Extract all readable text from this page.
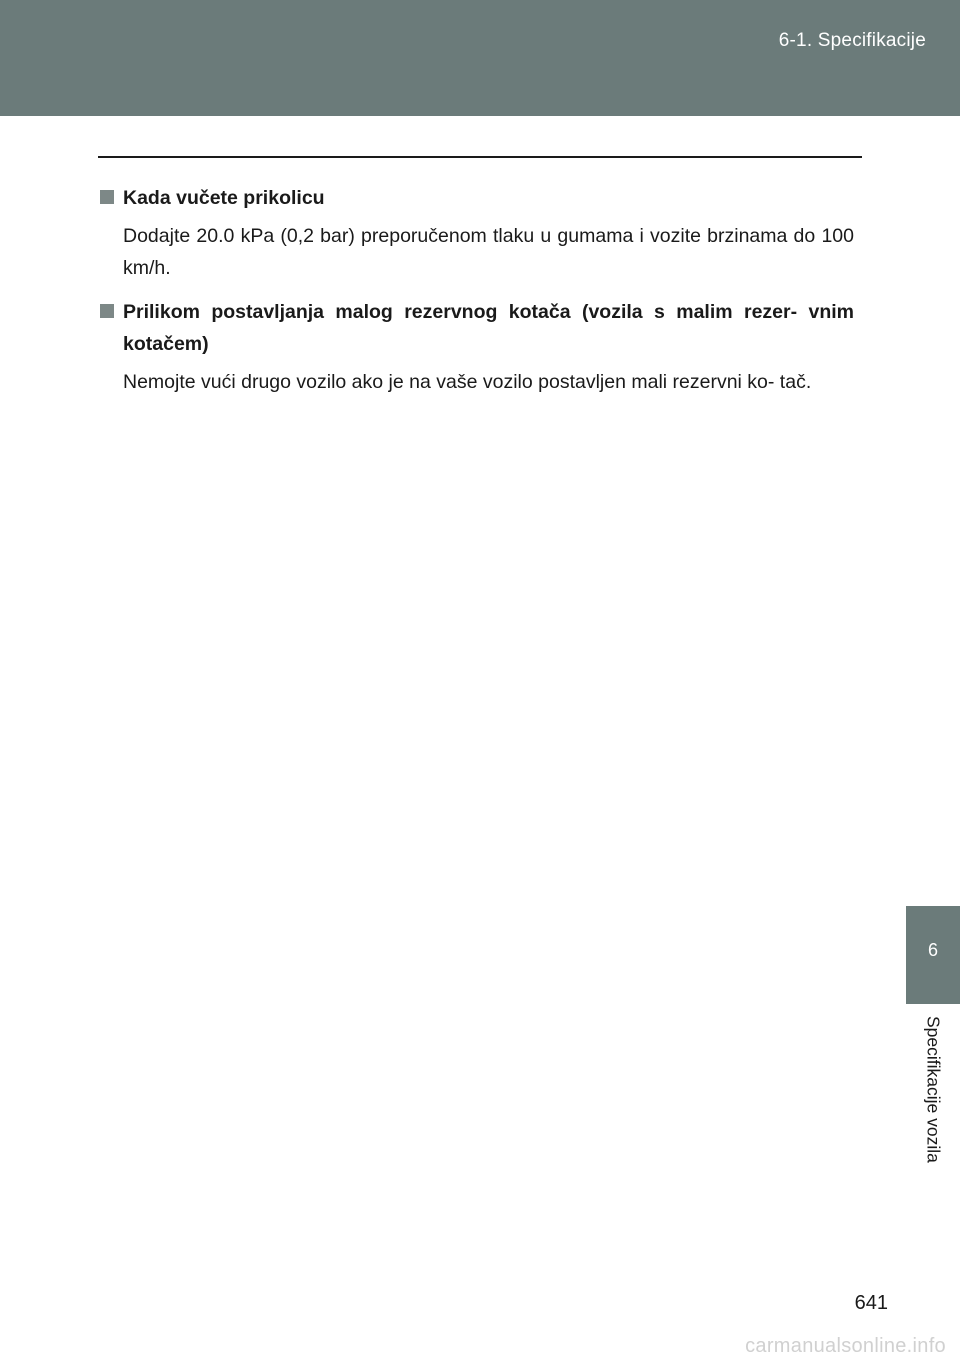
6-1. Specifikacije

Kada vučete prikolicu

Dodajte 20.0 kPa (0,2 bar) preporučenom tlaku u gumama i vozite brzinama do 100 km/h.

Prilikom postavljanja malog rezervnog kotača (vozila s malim rezer- vnim kotačem)

Nemojte vući drugo vozilo ako je na vaše vozilo postavljen mali rezervni ko- tač.

6
Specifikacije vozila
641
carmanualsonline.info
